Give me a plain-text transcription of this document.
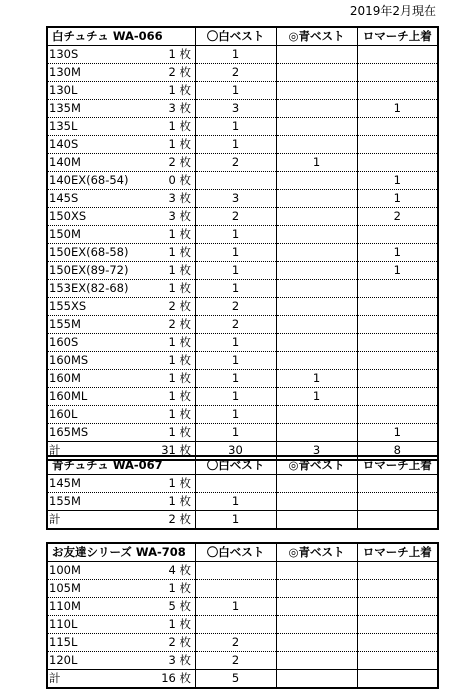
2019年2月現在
白チュチュ WA-066	〇白ベスト	◎青ベスト	ロマーチ上着
130S 1 枚	1		
130M 2 枚	2		
130L 1 枚	1		
135M 3 枚	3		1
135L 1 枚	1		
140S 1 枚	1		
140M 2 枚	2	1	
140EX(68-54) 0 枚			1
145S 3 枚	3		1
150XS 3 枚	2		2
150M 1 枚	1		
150EX(68-58) 1 枚	1		1
150EX(89-72) 1 枚	1		1
153EX(82-68) 1 枚	1		
155XS 2 枚	2		
155M 2 枚	2		
160S 1 枚	1		
160MS 1 枚	1		
160M 1 枚	1	1	
160ML 1 枚	1	1	
160L 1 枚	1		
165MS 1 枚	1		1
計 31 枚	30	3	8
青チュチュ WA-067	〇白ベスト	◎青ベスト	ロマーチ上着
145M 1 枚			
155M 1 枚	1		
計 2 枚	1		
お友達シリーズ WA-708	〇白ベスト	◎青ベスト	ロマーチ上着
100M 4 枚			
105M 1 枚			
110M 5 枚	1		
110L 1 枚			
115L 2 枚	2		
120L 3 枚	2		
計 16 枚	5		
